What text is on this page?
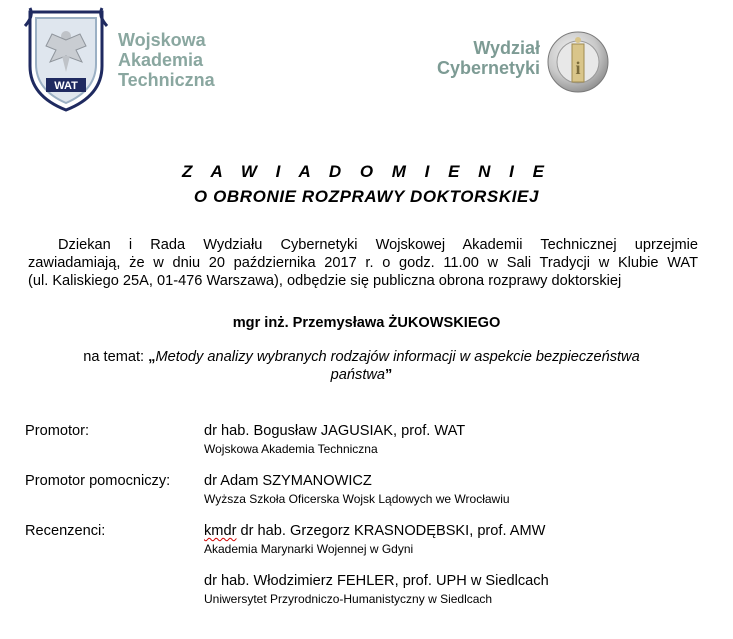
WAT
Wojskowa
Akademia
Techniczna
Wydział
Cybernetyki i
Z A W I A D O M I E N I E
O OBRONIE ROZPRAWY DOKTORSKIEJ
Dziekan i Rada Wydziału Cybernetyki Wojskowej Akademii Technicznej uprzejmie
zawiadamiają, że w dniu 20 października 2017 r. o godz. 11.00 w Sali Tradycji w Klubie WAT
(ul. Kaliskiego 25A, 01-476 Warszawa), odbędzie się publiczna obrona rozprawy doktorskiej
mgr inż. Przemysława ŻUKOWSKIEGO
na temat: „Metody analizy wybranych rodzajów informacji w aspekcie bezpieczeństwa
państwa”
Promotor:	dr hab. Bogusław JAGUSIAK, prof. WAT
Wojskowa Akademia Techniczna
Promotor pomocniczy: dr Adam SZYMANOWICZ
Wyższa Szkoła Oficerska Wojsk Lądowych we Wrocławiu
Recenzenci:	kmdr dr hab. Grzegorz KRASNODĘBSKI, prof. AMW
Akademia Marynarki Wojennej w Gdyni
dr hab. Włodzimierz FEHLER, prof. UPH w Siedlcach
Uniwersytet Przyrodniczo-Humanistyczny w Siedlcach
